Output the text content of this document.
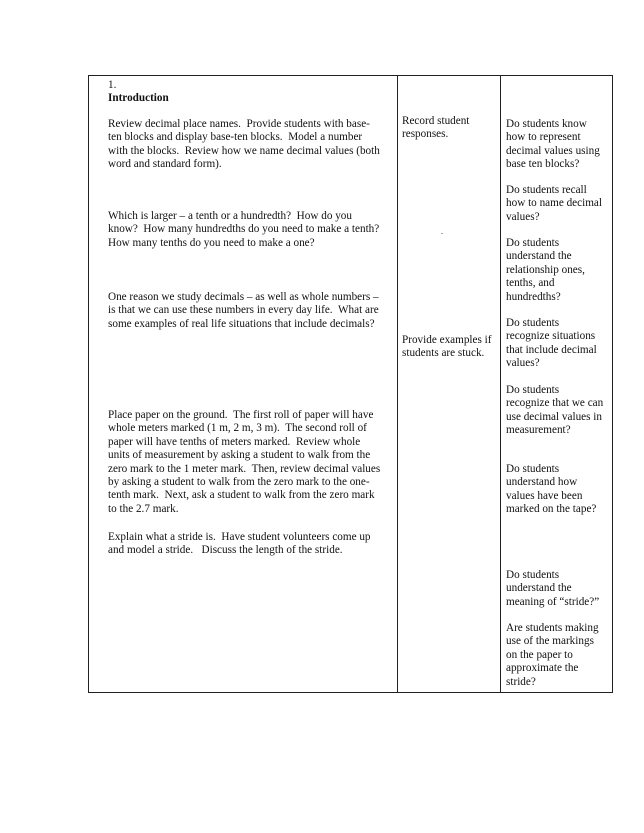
1.

Introduction

Review decimal place names.  Provide students with base-
ten blocks and display base-ten blocks.  Model a number
with the blocks.  Review how we name decimal values (both
word and standard form).

Which is larger – a tenth or a hundredth?  How do you
know?  How many hundredths do you need to make a tenth?
How many tenths do you need to make a one?

One reason we study decimals – as well as whole numbers –
is that we can use these numbers in every day life.  What are
some examples of real life situations that include decimals?

Place paper on the ground.  The first roll of paper will have
whole meters marked (1 m, 2 m, 3 m).  The second roll of
paper will have tenths of meters marked.  Review whole
units of measurement by asking a student to walk from the
zero mark to the 1 meter mark.  Then, review decimal values
by asking a student to walk from the zero mark to the one-
tenth mark.  Next, ask a student to walk from the zero mark
to the 2.7 mark.

Explain what a stride is.  Have student volunteers come up
and model a stride.   Discuss the length of the stride.

Record student
responses.

.

Provide examples if
students are stuck.

Do students know
how to represent
decimal values using
base ten blocks?

Do students recall
how to name decimal
values?

Do students
understand the
relationship ones,
tenths, and
hundredths?

Do students
recognize situations
that include decimal
values?

Do students
recognize that we can
use decimal values in
measurement?

Do students
understand how
values have been
marked on the tape?

Do students
understand the
meaning of “stride?”

Are students making
use of the markings
on the paper to
approximate the
stride?
